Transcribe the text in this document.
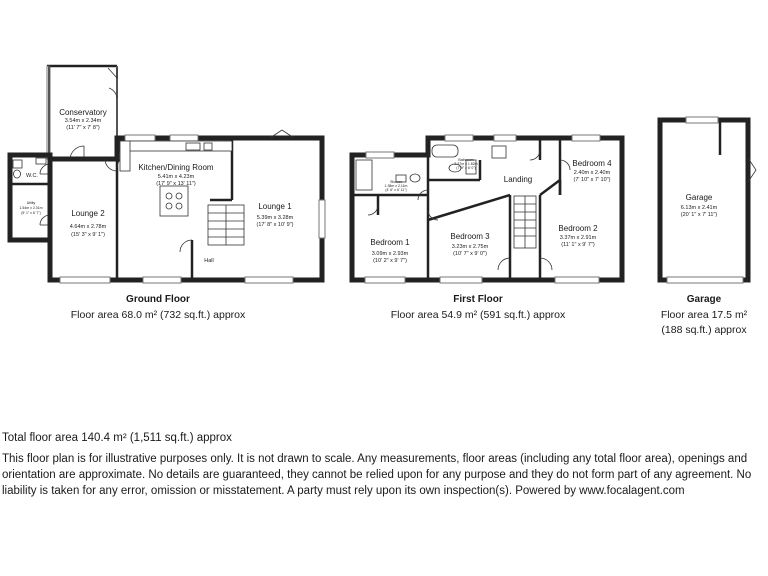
Conservatory
3.54m x 2.34m
(11' 7" x 7' 8")
W.C.
Utility
1.54m x 2.01m
(5' 1" x 6' 7")	Lounge 2
4.64m x 2.78m
(15' 3" x 9' 1")
Kitchen/Dining Room
5.41m x 4.23m
(17' 9" x 13' 11")
Hall
Lounge 1
5.39m x 3.28m
(17' 8" x 10' 9")
Ground Floor
Floor area 68.0 m² (732 sq.ft.) approx
Shower
1.38m x 2.11m
(4' 6" x 6' 11")
Bathroom
2.37m x 1.82m
(7' 9" x 6' 0")
Bedroom 1
3.09m x 2.93m
(10' 2" x 9' 7")
Landing
Bedroom 4
2.40m x 2.40m
(7' 10" x 7' 10")
Bedroom 3
3.23m x 2.75m
(10' 7" x 9' 0")
Bedroom 2
3.37m x 2.91m
(11' 1" x 9' 7")
First Floor
Floor area 54.9 m² (591 sq.ft.) approx
Garage
6.13m x 2.41m
(20' 1" x 7' 11")
Garage
Floor area 17.5 m²
(188 sq.ft.) approx

Total floor area 140.4 m² (1,511 sq.ft.) approx

This floor plan is for illustrative purposes only. It is not drawn to scale. Any measurements, floor areas (including any total floor area), openings and orientation are approximate. No details are guaranteed, they cannot be relied upon for any purpose and they do not form part of any agreement. No liability is taken for any error, omission or misstatement. A party must rely upon its own inspection(s). Powered by www.focalagent.com
